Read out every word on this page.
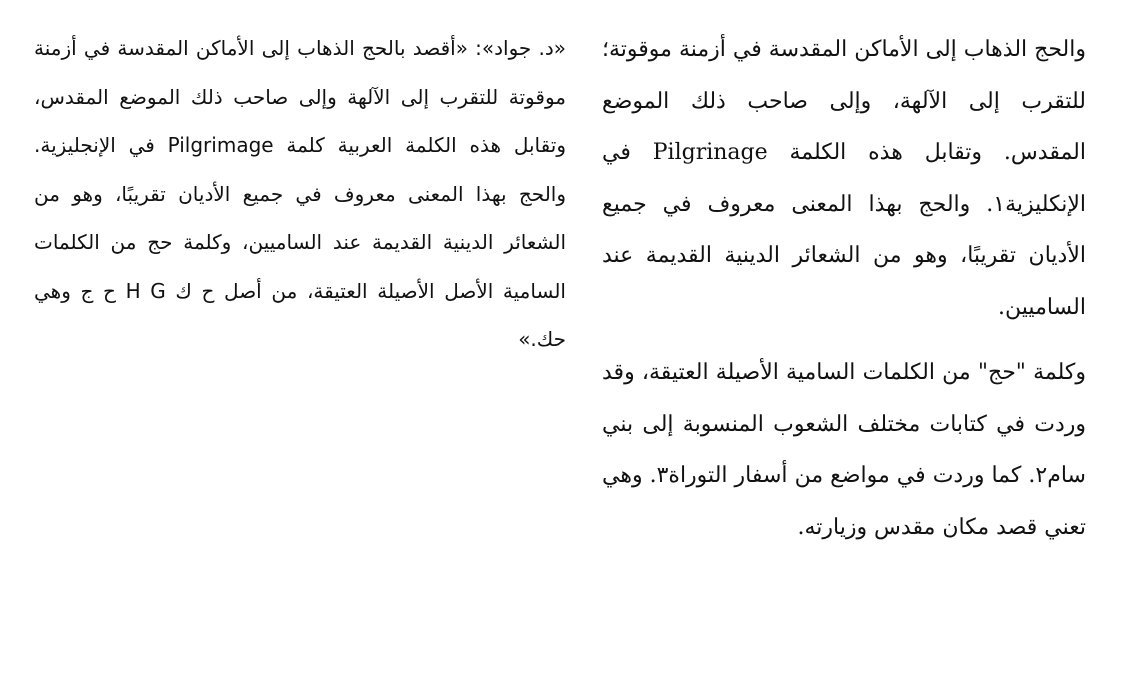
والحج الذهاب إلى الأماكن المقدسة في أزمنة موقوتة؛ للتقرب إلى الآلهة، وإلى صاحب ذلك الموضع المقدس. وتقابل هذه الكلمة Pilgrinage في الإنكليزية١. والحج بهذا المعنى معروف في جميع الأديان تقريبًا، وهو من الشعائر الدينية القديمة عند الساميين.

وكلمة "حج" من الكلمات السامية الأصيلة العتيقة، وقد وردت في كتابات مختلف الشعوب المنسوبة إلى بني سام٢. كما وردت في مواضع من أسفار التوراة٣. وهي تعني قصد مكان مقدس وزيارته.

«د. جواد»: «أقصد بالحج الذهاب إلى الأماكن المقدسة في أزمنة موقوتة للتقرب إلى الآلهة وإلى صاحب ذلك الموضع المقدس، وتقابل هذه الكلمة العربية كلمة Pilgrimage في الإنجليزية. والحج بهذا المعنى معروف في جميع الأديان تقريبًا، وهو من الشعائر الدينية القديمة عند الساميين، وكلمة حج من الكلمات السامية الأصل الأصيلة العتيقة، من أصل ح ك H G ح ج وهي حك.»
